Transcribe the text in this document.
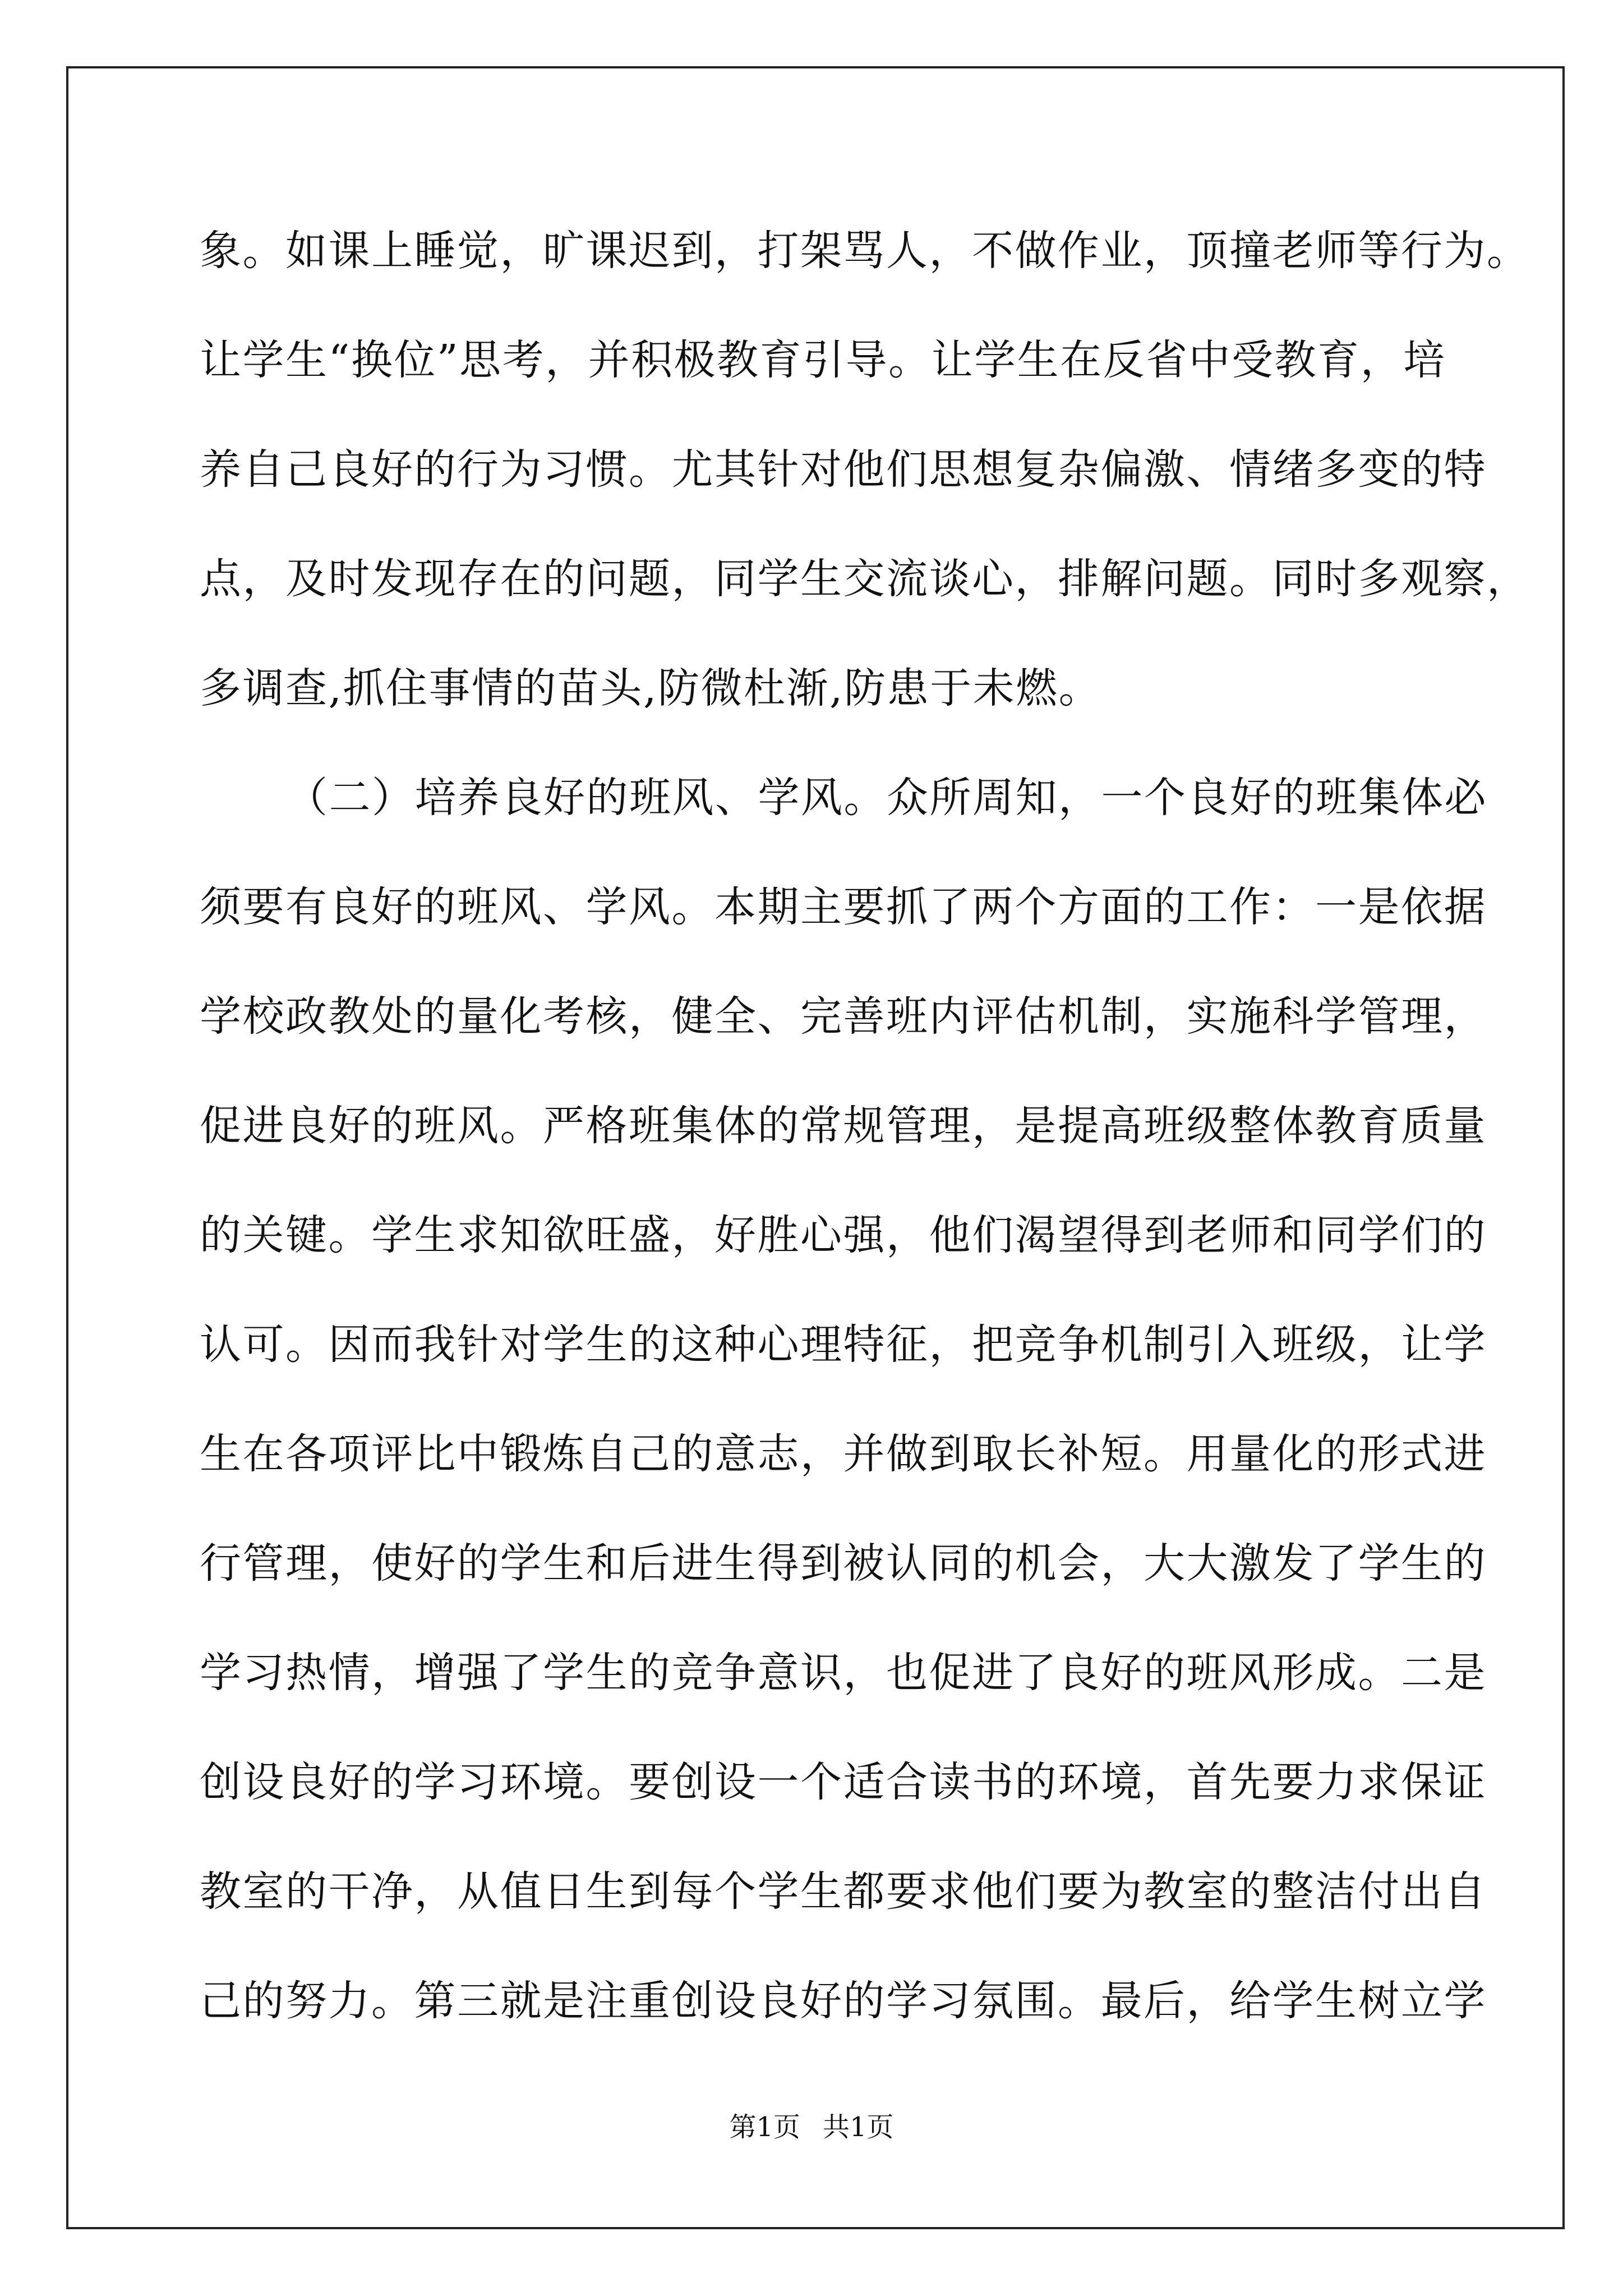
象。如课上睡觉，旷课迟到，打架骂人，不做作业，顶撞老师等行为。
让学生“换位”思考，并积极教育引导。让学生在反省中受教育，培
养自己良好的行为习惯。尤其针对他们思想复杂偏激、情绪多变的特
点，及时发现存在的问题，同学生交流谈心，排解问题。同时多观察，
多调查,抓住事情的苗头,防微杜渐,防患于未燃。
（二）培养良好的班风、学风。众所周知，一个良好的班集体必
须要有良好的班风、学风。本期主要抓了两个方面的工作：一是依据
学校政教处的量化考核，健全、完善班内评估机制，实施科学管理，
促进良好的班风。严格班集体的常规管理，是提高班级整体教育质量
的关键。学生求知欲旺盛，好胜心强，他们渴望得到老师和同学们的
认可。因而我针对学生的这种心理特征，把竞争机制引入班级，让学
生在各项评比中锻炼自己的意志，并做到取长补短。用量化的形式进
行管理，使好的学生和后进生得到被认同的机会，大大激发了学生的
学习热情，增强了学生的竞争意识，也促进了良好的班风形成。二是
创设良好的学习环境。要创设一个适合读书的环境，首先要力求保证
教室的干净，从值日生到每个学生都要求他们要为教室的整洁付出自
己的努力。第三就是注重创设良好的学习氛围。最后，给学生树立学
第1页 共1页
